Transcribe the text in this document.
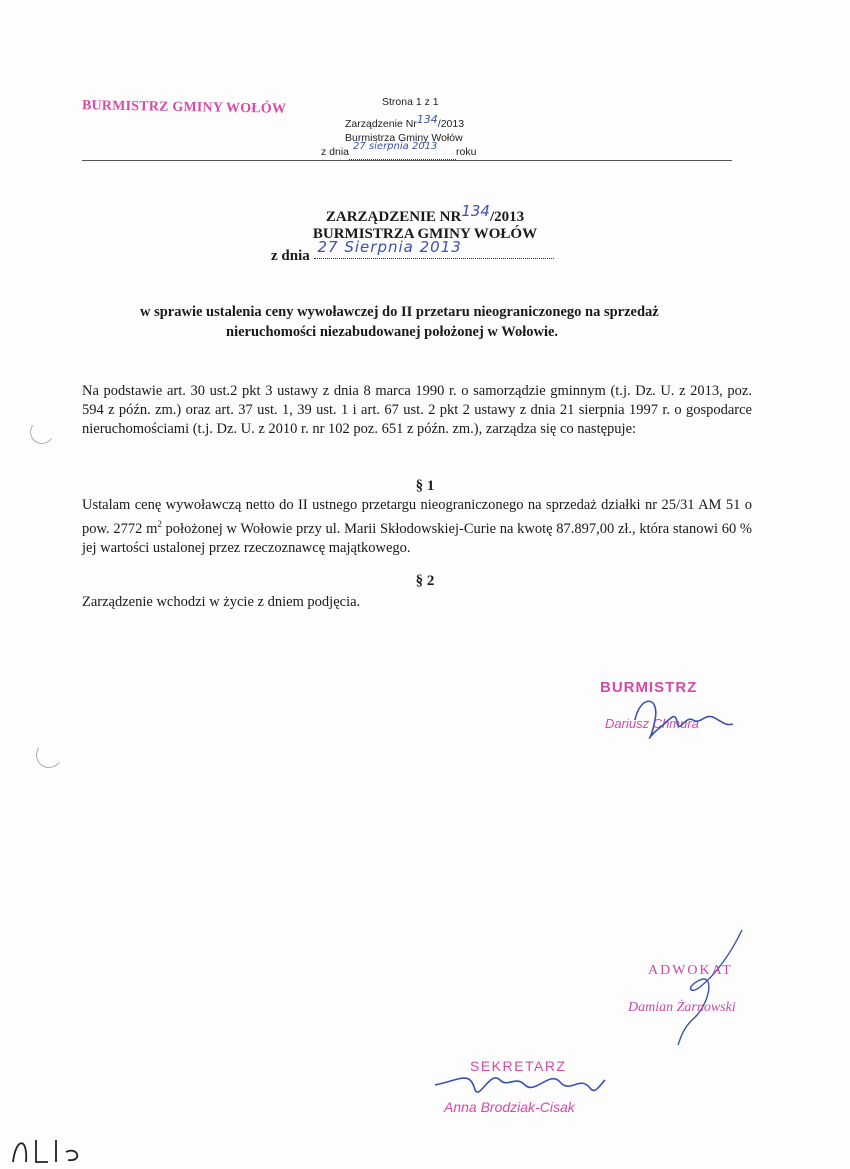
BURMISTRZ GMINY WOŁÓW	Strona 1 z 1
Zarządzenie Nr134/2013
Burmistrza Gminy Wołów
z dnia 27 sierpnia 2013 roku
ZARZĄDZENIE NR134/2013
BURMISTRZA GMINY WOŁÓW
z dnia 27 Sierpnia 2013
w sprawie ustalenia ceny wywoławczej do II przetaru nieograniczonego na sprzedaż
nieruchomości niezabudowanej położonej w Wołowie.
Na podstawie art. 30 ust.2 pkt 3 ustawy z dnia 8 marca 1990 r. o samorządzie gminnym (t.j. Dz. U. z 2013, poz. 594 z późn. zm.) oraz art. 37 ust. 1, 39 ust. 1 i art. 67 ust. 2 pkt 2 ustawy z dnia 21 sierpnia 1997 r. o gospodarce nieruchomościami (t.j. Dz. U. z 2010 r. nr 102 poz. 651 z późn. zm.), zarządza się co następuje:
§ 1
Ustalam cenę wywoławczą netto do II ustnego przetargu nieograniczonego na sprzedaż działki nr 25/31 AM 51 o pow. 2772 $m^2$ położonej w Wołowie przy ul. Marii Skłodowskiej-Curie na kwotę 87.897,00 zł., która stanowi 60 % jej wartości ustalonej przez rzeczoznawcę majątkowego.
§ 2
Zarządzenie wchodzi w życie z dniem podjęcia.
BURMISTRZ
Dariusz Chmura
ADWOKAT
Damian Żarnowski
SEKRETARZ
Anna Brodziak-Cisak
